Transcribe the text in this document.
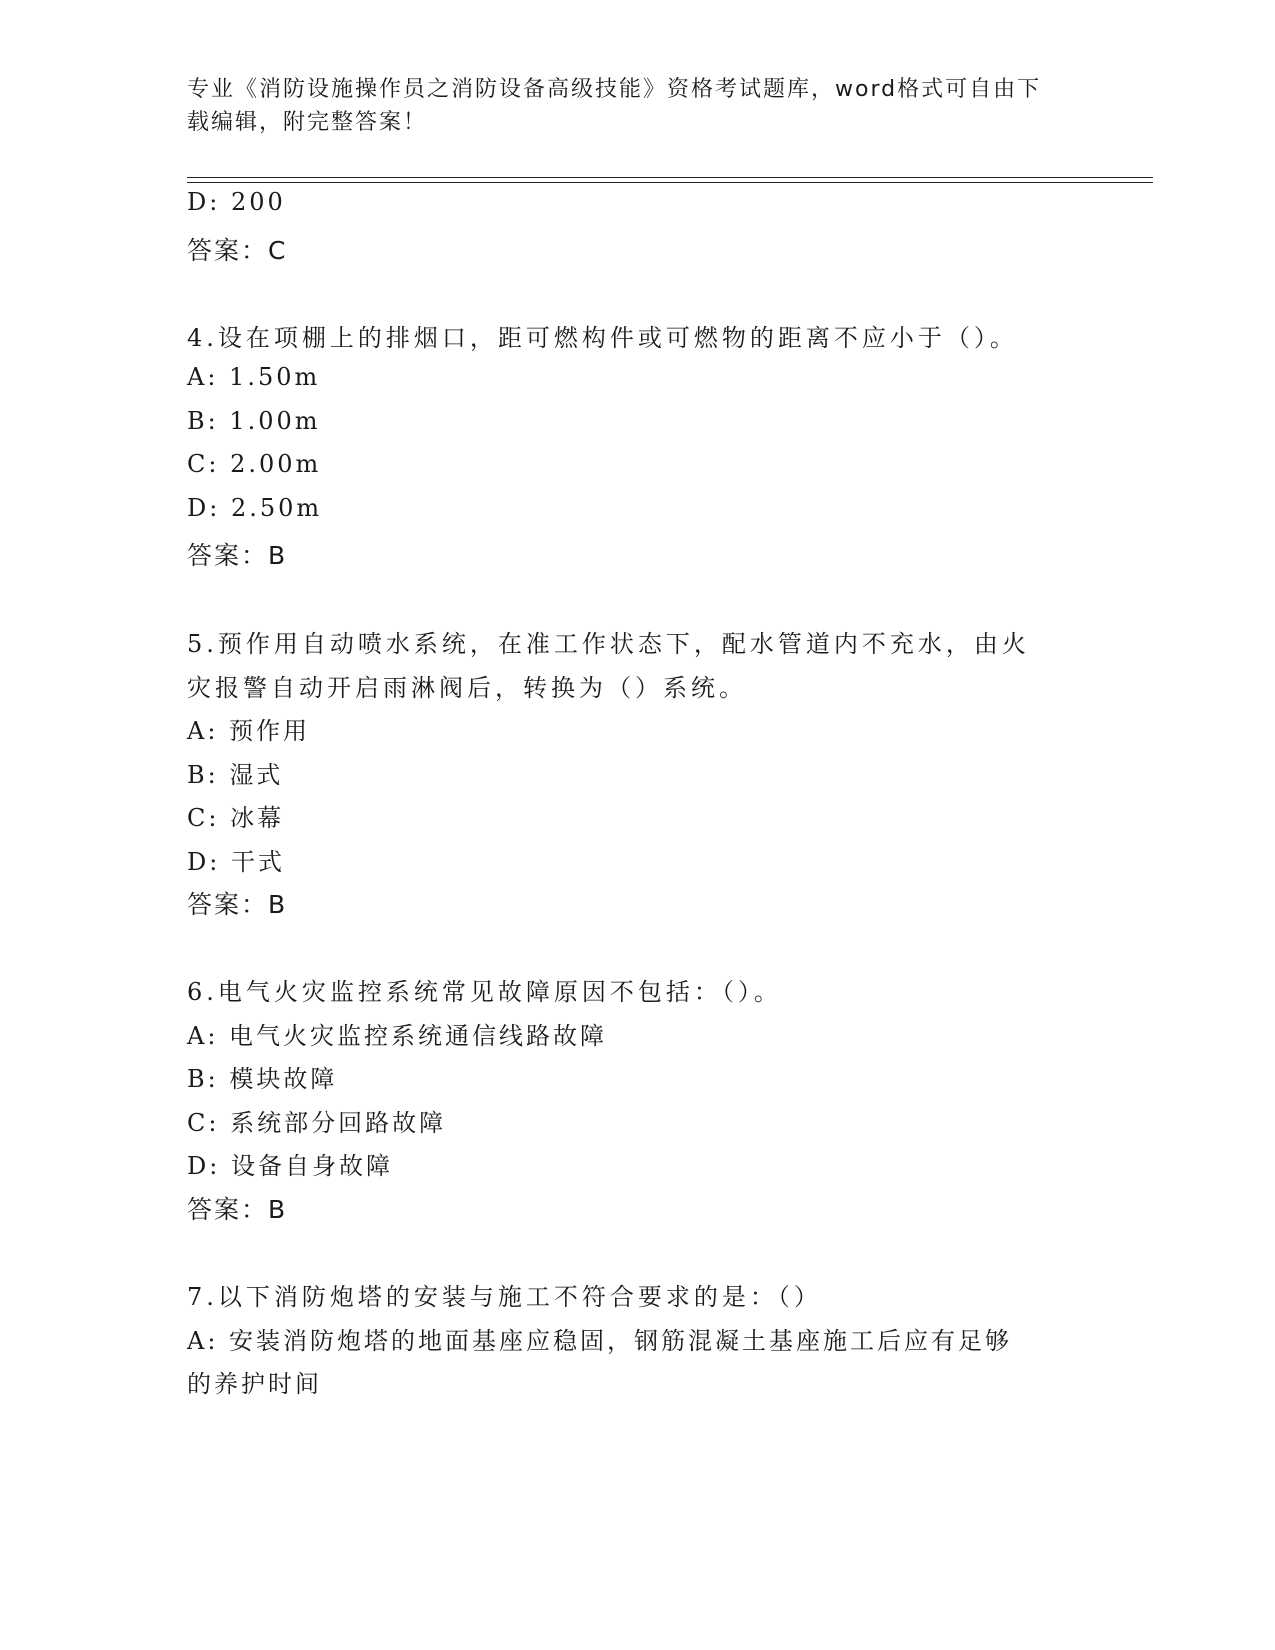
专业《消防设施操作员之消防设备高级技能》资格考试题库，word格式可自由下
载编辑，附完整答案！
D: 200
答案：C
4.设在项棚上的排烟口，距可燃构件或可燃物的距离不应小于（）。
A: 1.50m
B: 1.00m
C: 2.00m
D: 2.50m
答案：B
5.预作用自动喷水系统，在准工作状态下，配水管道内不充水，由火
灾报警自动开启雨淋阀后，转换为（）系统。
A: 预作用
B: 湿式
C: 冰幕
D: 干式
答案：B
6.电气火灾监控系统常见故障原因不包括：（）。
A: 电气火灾监控系统通信线路故障
B: 模块故障
C: 系统部分回路故障
D: 设备自身故障
答案：B
7.以下消防炮塔的安装与施工不符合要求的是：（）
A: 安装消防炮塔的地面基座应稳固，钢筋混凝土基座施工后应有足够
的养护时间
